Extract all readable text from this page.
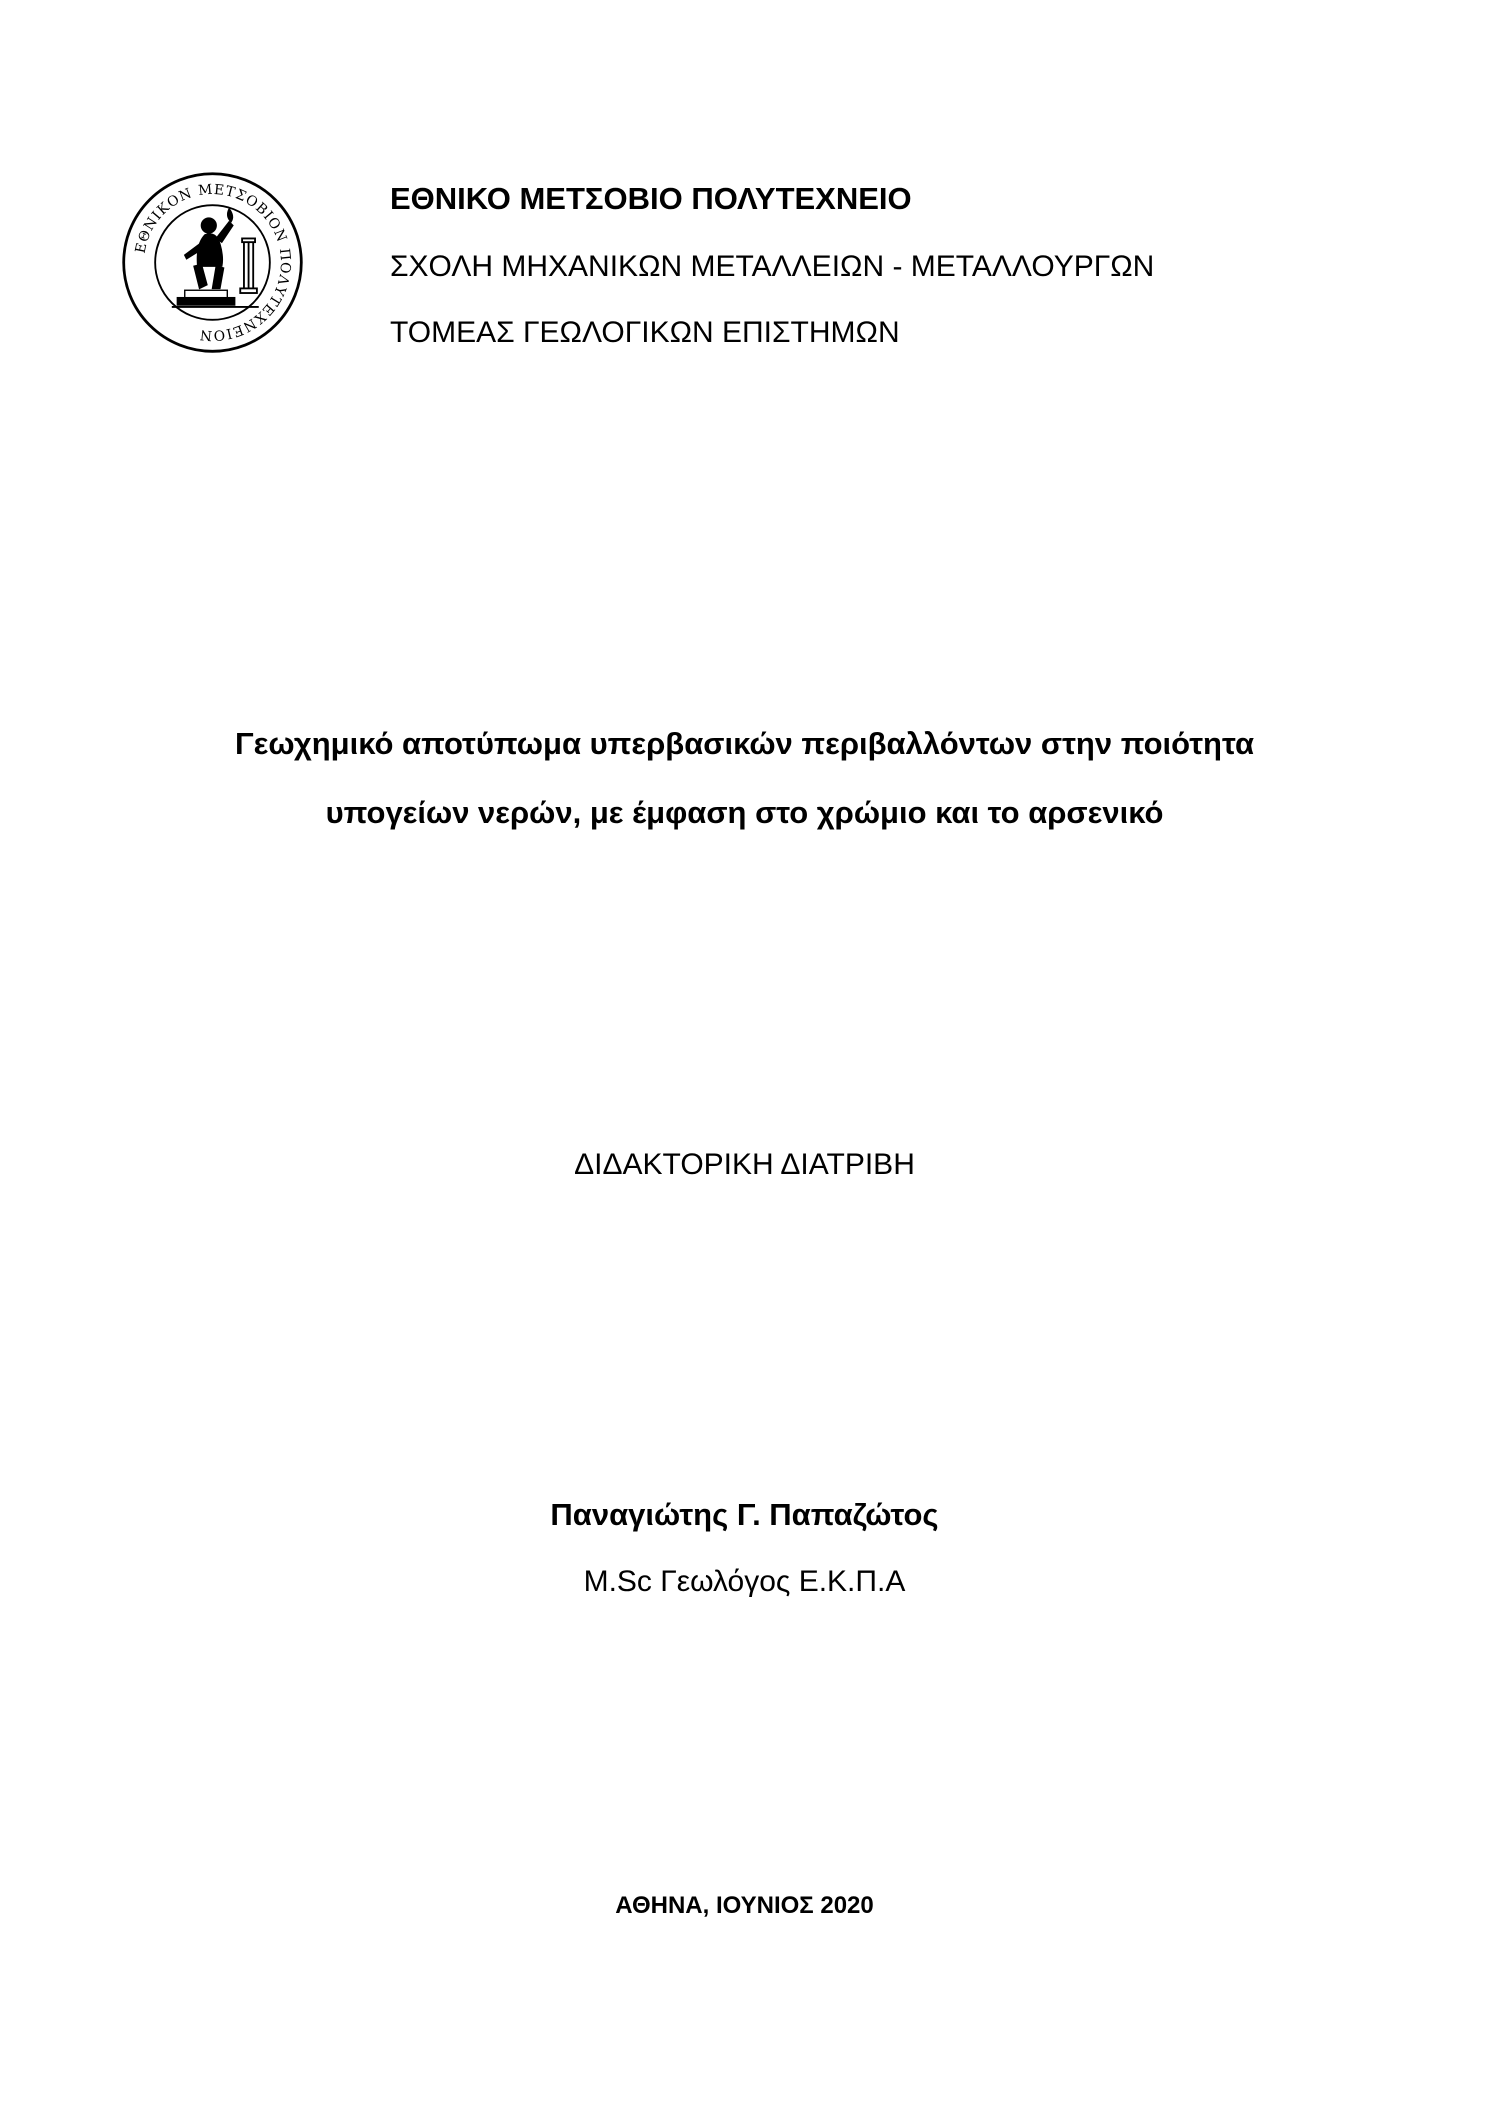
ΕΘΝΙΚΟΝ ΜΕΤΣΟΒΙΟΝ ΠΟΛΥΤΕΧΝΕΙΟΝ
ΕΘΝΙΚΟ ΜΕΤΣΟΒΙΟ ΠΟΛΥΤΕΧΝΕΙΟ
ΣΧΟΛΗ ΜΗΧΑΝΙΚΩΝ ΜΕΤΑΛΛΕΙΩΝ - ΜΕΤΑΛΛΟΥΡΓΩΝ
ΤΟΜΕΑΣ ΓΕΩΛΟΓΙΚΩΝ ΕΠΙΣΤΗΜΩΝ
Γεωχημικό αποτύπωμα υπερβασικών περιβαλλόντων στην ποιότητα
υπογείων νερών, με έμφαση στο χρώμιο και το αρσενικό
ΔΙΔΑΚΤΟΡΙΚΗ ΔΙΑΤΡΙΒΗ
Παναγιώτης Γ. Παπαζώτος
M.Sc Γεωλόγος Ε.Κ.Π.Α
ΑΘΗΝΑ, ΙΟΥΝΙΟΣ 2020
